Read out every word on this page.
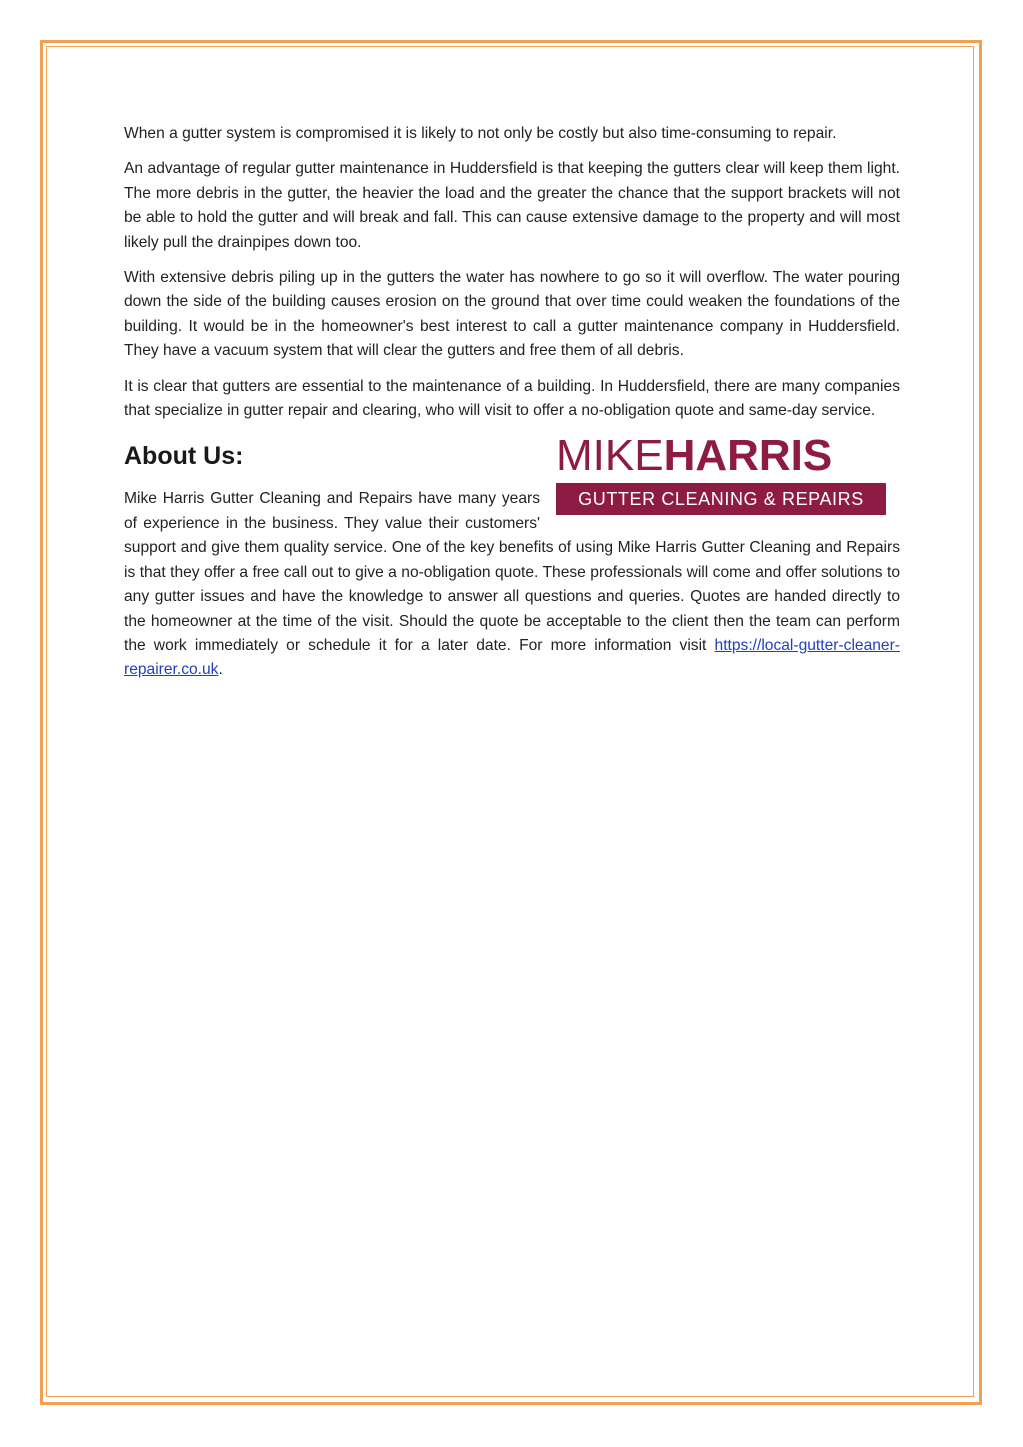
When a gutter system is compromised it is likely to not only be costly but also time-consuming to repair.

An advantage of regular gutter maintenance in Huddersfield is that keeping the gutters clear will keep them light. The more debris in the gutter, the heavier the load and the greater the chance that the support brackets will not be able to hold the gutter and will break and fall. This can cause extensive damage to the property and will most likely pull the drainpipes down too.

With extensive debris piling up in the gutters the water has nowhere to go so it will overflow. The water pouring down the side of the building causes erosion on the ground that over time could weaken the foundations of the building. It would be in the homeowner's best interest to call a gutter maintenance company in Huddersfield. They have a vacuum system that will clear the gutters and free them of all debris.

It is clear that gutters are essential to the maintenance of a building. In Huddersfield, there are many companies that specialize in gutter repair and clearing, who will visit to offer a no-obligation quote and same-day service.

About Us:	MIKEHARRIS
GUTTER CLEANING & REPAIRS
Mike Harris Gutter Cleaning and Repairs have many years of experience in the business. They value their customers' support and give them quality service. One of the key benefits of using Mike Harris Gutter Cleaning and Repairs is that they offer a free call out to give a no-obligation quote. These professionals will come and offer solutions to any gutter issues and have the knowledge to answer all questions and queries. Quotes are handed directly to the homeowner at the time of the visit. Should the quote be acceptable to the client then the team can perform the work immediately or schedule it for a later date. For more information visit https://local-gutter-cleaner-repairer.co.uk.
